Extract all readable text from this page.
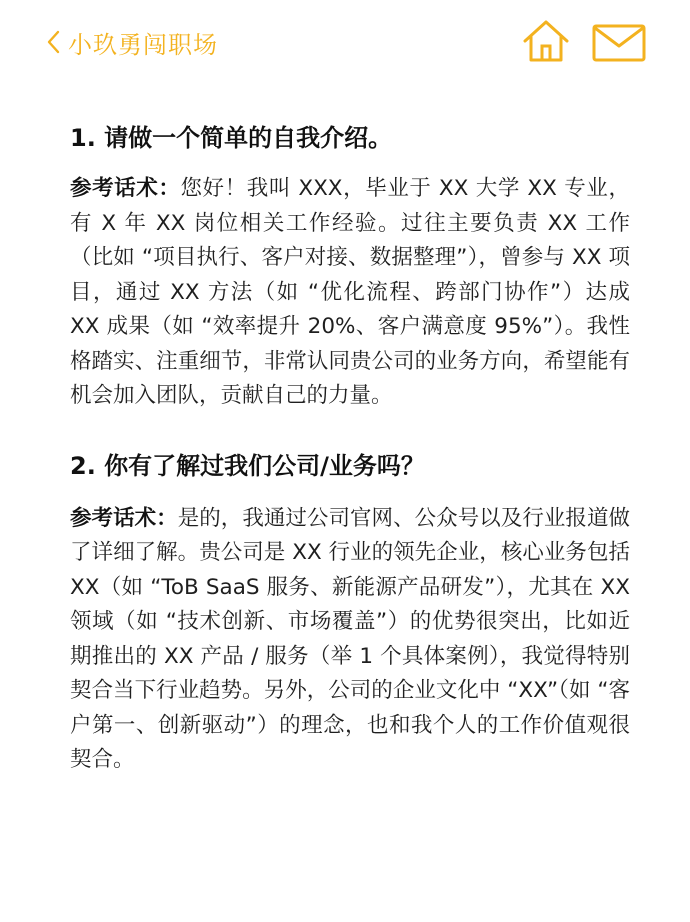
小玖勇闯职场
1. 请做一个简单的自我介绍。

参考话术：您好！我叫 XXX，毕业于 XX 大学 XX 专业，有 X 年 XX 岗位相关工作经验。过往主要负责 XX 工作（比如 “项目执行、客户对接、数据整理”），曾参与 XX 项目，通过 XX 方法（如 “优化流程、跨部门协作”）达成 XX 成果（如 “效率提升 20%、客户满意度 95%”）。我性格踏实、注重细节，非常认同贵公司的业务方向，希望能有机会加入团队，贡献自己的力量。

2. 你有了解过我们公司/业务吗？

参考话术：是的，我通过公司官网、公众号以及行业报道做了详细了解。贵公司是 XX 行业的领先企业，核心业务包括 XX（如 “ToB SaaS 服务、新能源产品研发”），尤其在 XX 领域（如 “技术创新、市场覆盖”）的优势很突出，比如近期推出的 XX 产品 / 服务（举 1 个具体案例），我觉得特别契合当下行业趋势。另外，公司的企业文化中 “XX”（如 “客户第一、创新驱动”）的理念，也和我个人的工作价值观很契合。
